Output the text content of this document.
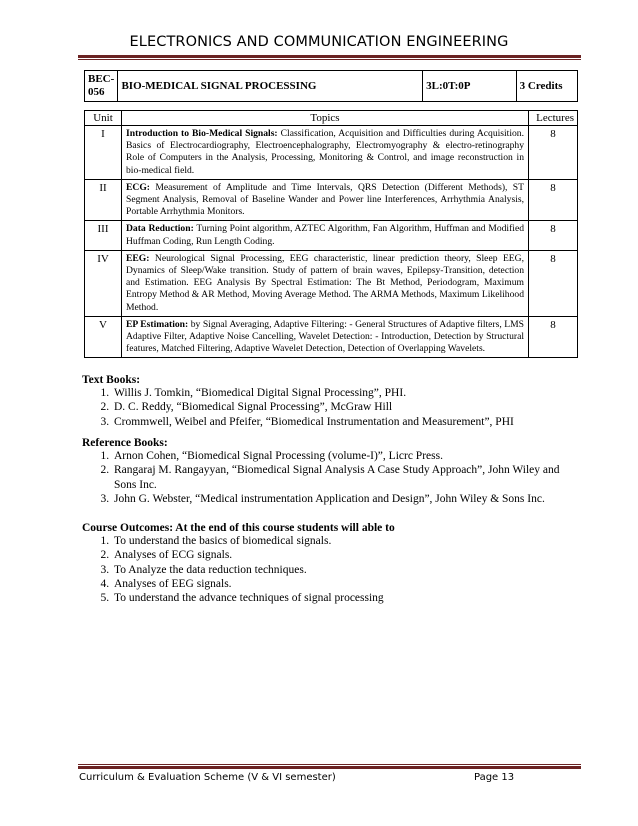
ELECTRONICS AND COMMUNICATION ENGINEERING
BEC-
056	BIO-MEDICAL SIGNAL PROCESSING	3L:0T:0P	3 Credits
Unit	Topics	Lectures
I	Introduction to Bio-Medical Signals: Classification, Acquisition and Difficulties during Acquisition. Basics of Electrocardiography, Electroencephalography, Electromyography & electro-retinography Role of Computers in the Analysis, Processing, Monitoring & Control, and image reconstruction in bio-medical field.	8
II	ECG: Measurement of Amplitude and Time Intervals, QRS Detection (Different Methods), ST Segment Analysis, Removal of Baseline Wander and Power line Interferences, Arrhythmia Analysis, Portable Arrhythmia Monitors.	8
III	Data Reduction: Turning Point algorithm, AZTEC Algorithm, Fan Algorithm, Huffman and Modified Huffman Coding, Run Length Coding.	8
IV	EEG: Neurological Signal Processing, EEG characteristic, linear prediction theory, Sleep EEG, Dynamics of Sleep/Wake transition. Study of pattern of brain waves, Epilepsy-Transition, detection and Estimation. EEG Analysis By Spectral Estimation: The Bt Method, Periodogram, Maximum Entropy Method & AR Method, Moving Average Method. The ARMA Methods, Maximum Likelihood Method.	8
V	EP Estimation: by Signal Averaging, Adaptive Filtering: - General Structures of Adaptive filters, LMS Adaptive Filter, Adaptive Noise Cancelling, Wavelet Detection: - Introduction, Detection by Structural features, Matched Filtering, Adaptive Wavelet Detection, Detection of Overlapping Wavelets.	8
Text Books:
1. Willis J. Tomkin, “Biomedical Digital Signal Processing”, PHI.
2. D. C. Reddy, “Biomedical Signal Processing”, McGraw Hill
3. Crommwell, Weibel and Pfeifer, “Biomedical Instrumentation and Measurement”, PHI
Reference Books:
1. Arnon Cohen, “Biomedical Signal Processing (volume-I)”, Licrc Press.
2. Rangaraj M. Rangayyan, “Biomedical Signal Analysis A Case Study Approach”, John Wiley and Sons Inc.
3. John G. Webster, “Medical instrumentation Application and Design”, John Wiley & Sons Inc.
Course Outcomes: At the end of this course students will able to
1. To understand the basics of biomedical signals.
2. Analyses of ECG signals.
3. To Analyze the data reduction techniques.
4. Analyses of EEG signals.
5. To understand the advance techniques of signal processing
Curriculum & Evaluation Scheme (V & VI semester)	Page 13
